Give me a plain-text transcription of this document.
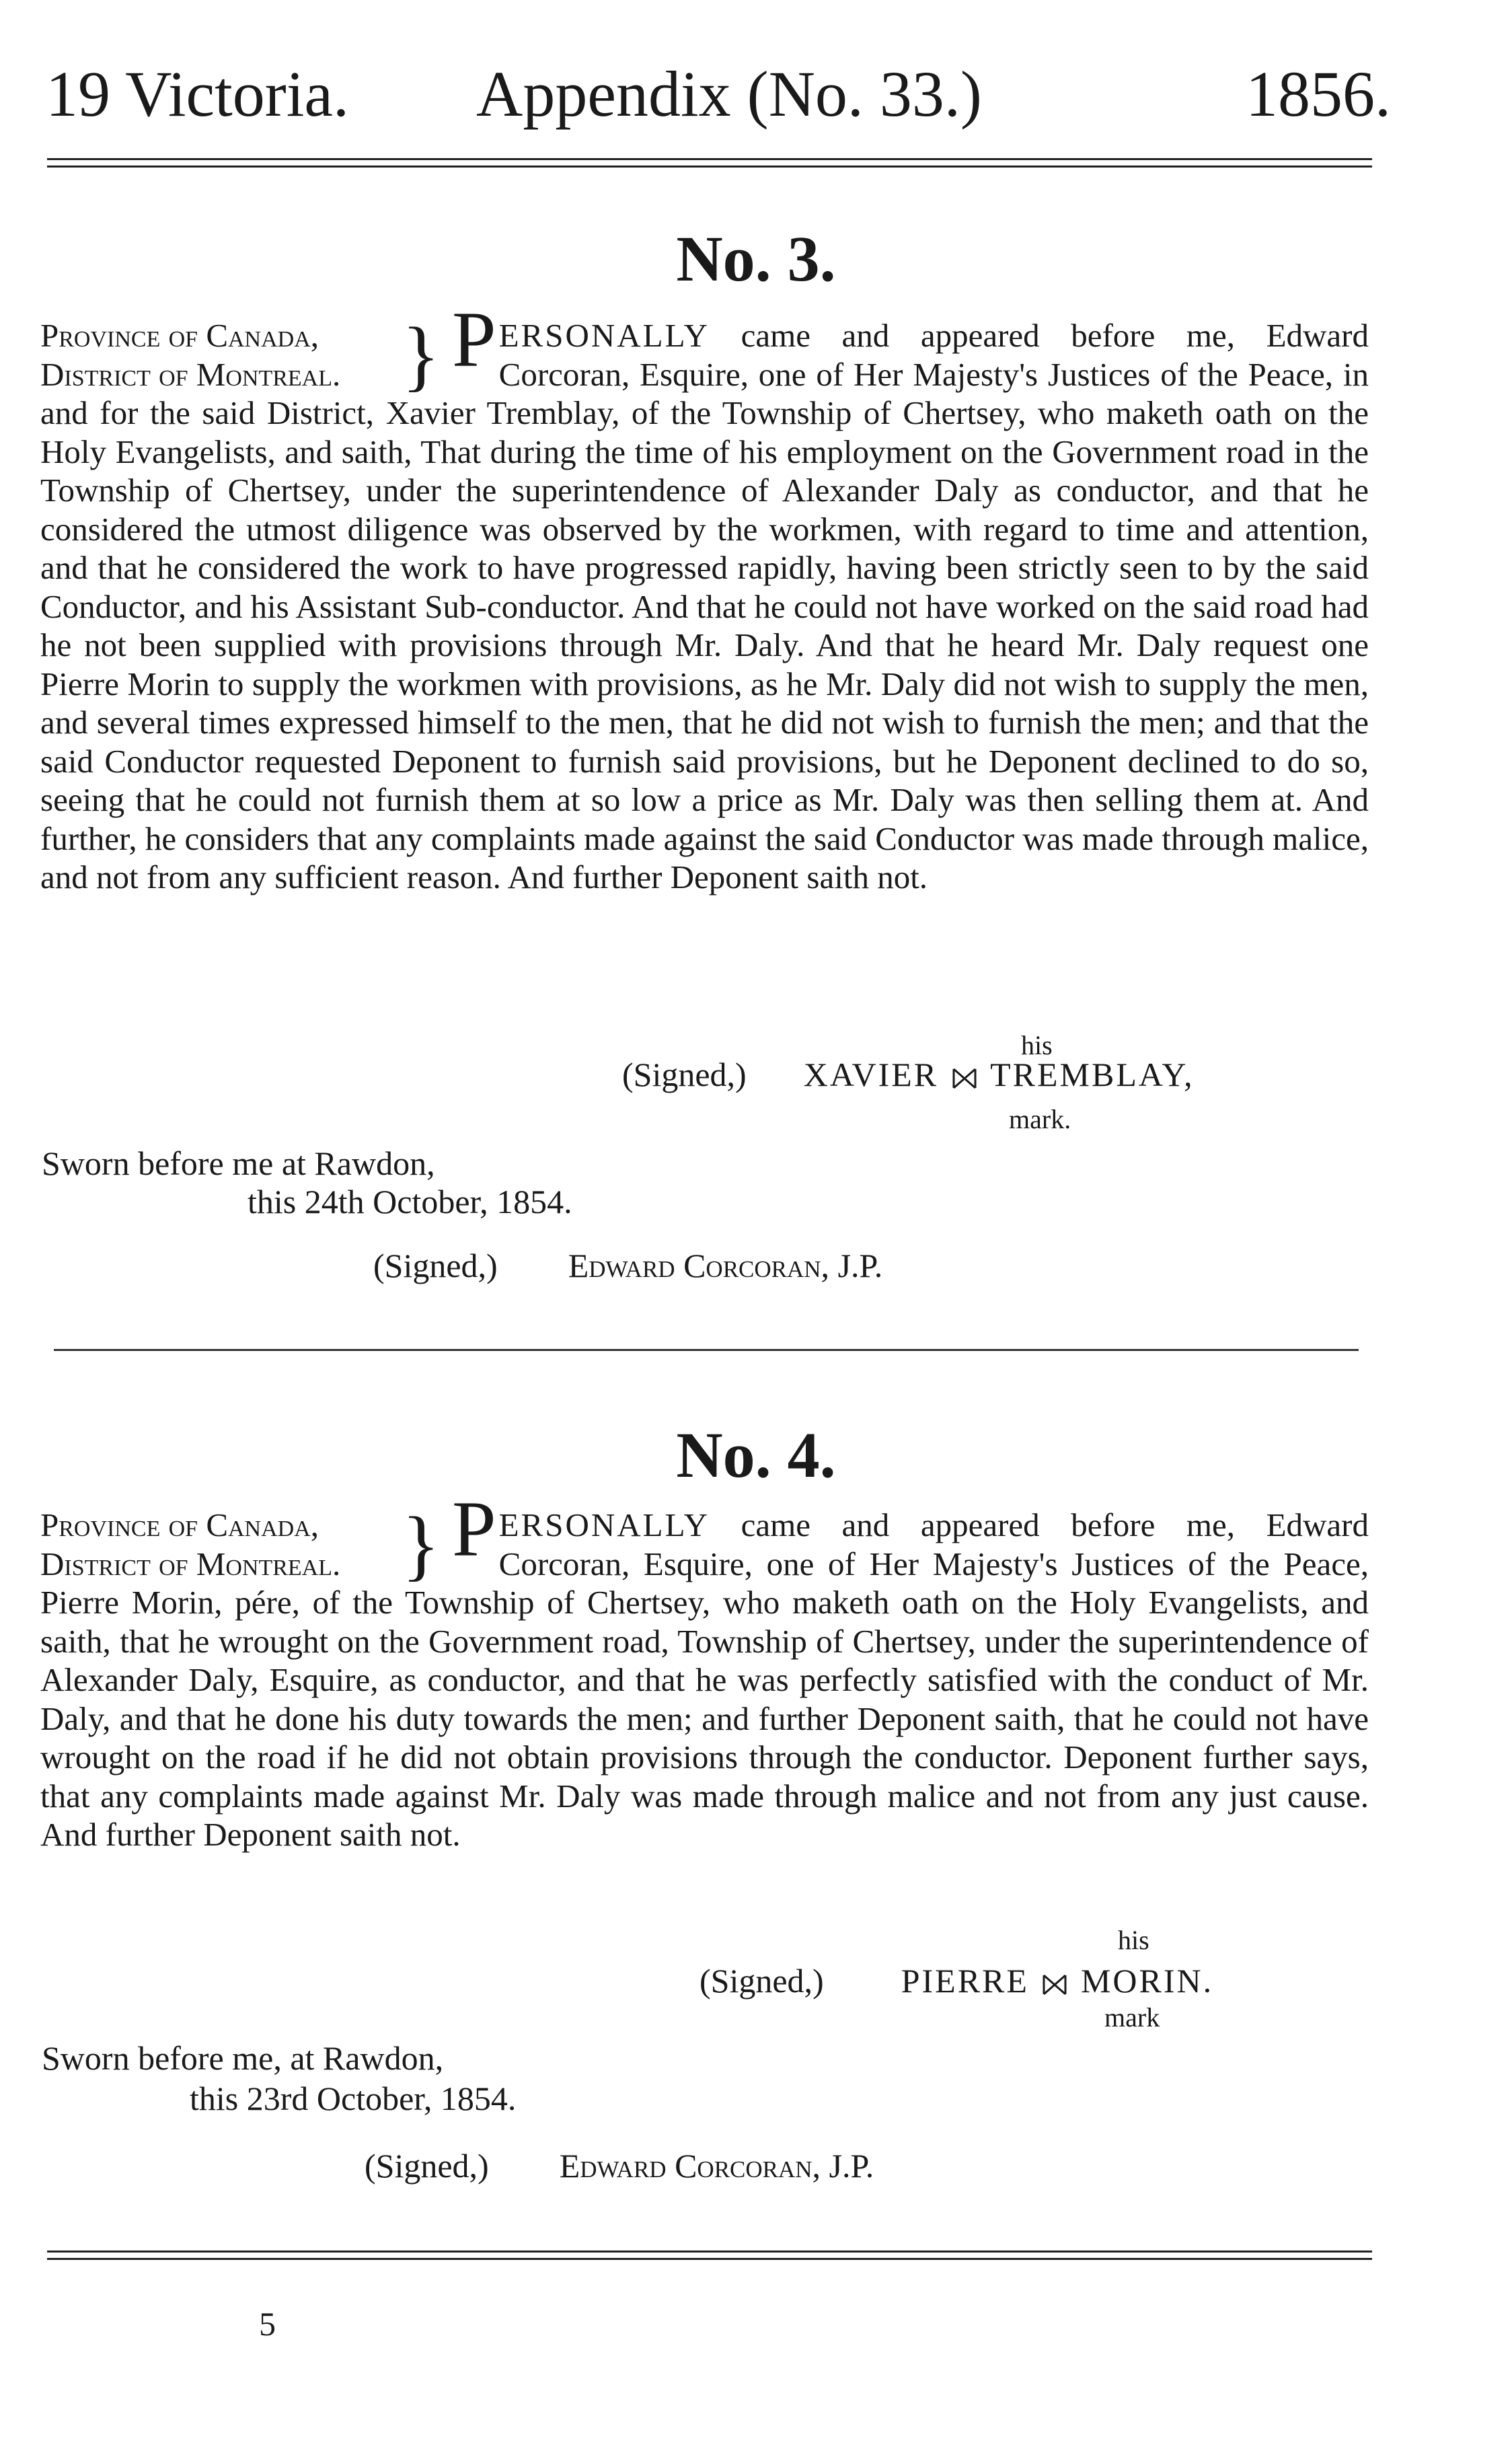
19 Victoria. Appendix (No. 33.)	1856.
No. 3.
Province of Canada,
District of Montreal. } P ERSONALLY came and appeared before me, Edward Corcoran, Esquire, one of Her Majesty's Justices of the Peace, in and for the said District, Xavier Tremblay, of the Township of Chertsey, who maketh oath on the Holy Evangelists, and saith, That during the time of his employment on the Government road in the Township of Chertsey, under the superintendence of Alexander Daly as conductor, and that he considered the utmost diligence was observed by the workmen, with regard to time and attention, and that he considered the work to have progressed rapidly, having been strictly seen to by the said Conductor, and his Assistant Sub-conductor. And that he could not have worked on the said road had he not been supplied with provisions through Mr. Daly. And that he heard Mr. Daly request one Pierre Morin to supply the workmen with provisions, as he Mr. Daly did not wish to supply the men, and several times expressed himself to the men, that he did not wish to furnish the men; and that the said Conductor requested Deponent to furnish said provisions, but he Deponent declined to do so, seeing that he could not furnish them at so low a price as Mr. Daly was then selling them at. And further, he considers that any complaints made against the said Conductor was made through malice, and not from any sufficient reason. And further Deponent saith not.
his
(Signed,) XAVIER TREMBLAY,
mark.
Sworn before me at Rawdon,
this 24th October, 1854.
(Signed,) Edward Corcoran, J.P.
No. 4.
Province of Canada,
District of Montreal. } P ERSONALLY came and appeared before me, Edward Corcoran, Esquire, one of Her Majesty's Justices of the Peace, Pierre Morin, pére, of the Township of Chertsey, who maketh oath on the Holy Evangelists, and saith, that he wrought on the Government road, Township of Chertsey, under the superintendence of Alexander Daly, Esquire, as conductor, and that he was perfectly satisfied with the conduct of Mr. Daly, and that he done his duty towards the men; and further Deponent saith, that he could not have wrought on the road if he did not obtain provisions through the conductor. Deponent further says, that any complaints made against Mr. Daly was made through malice and not from any just cause. And further Deponent saith not.
his
(Signed,) PIERRE MORIN.
mark
Sworn before me, at Rawdon,
this 23rd October, 1854.
(Signed,) Edward Corcoran, J.P.
5
